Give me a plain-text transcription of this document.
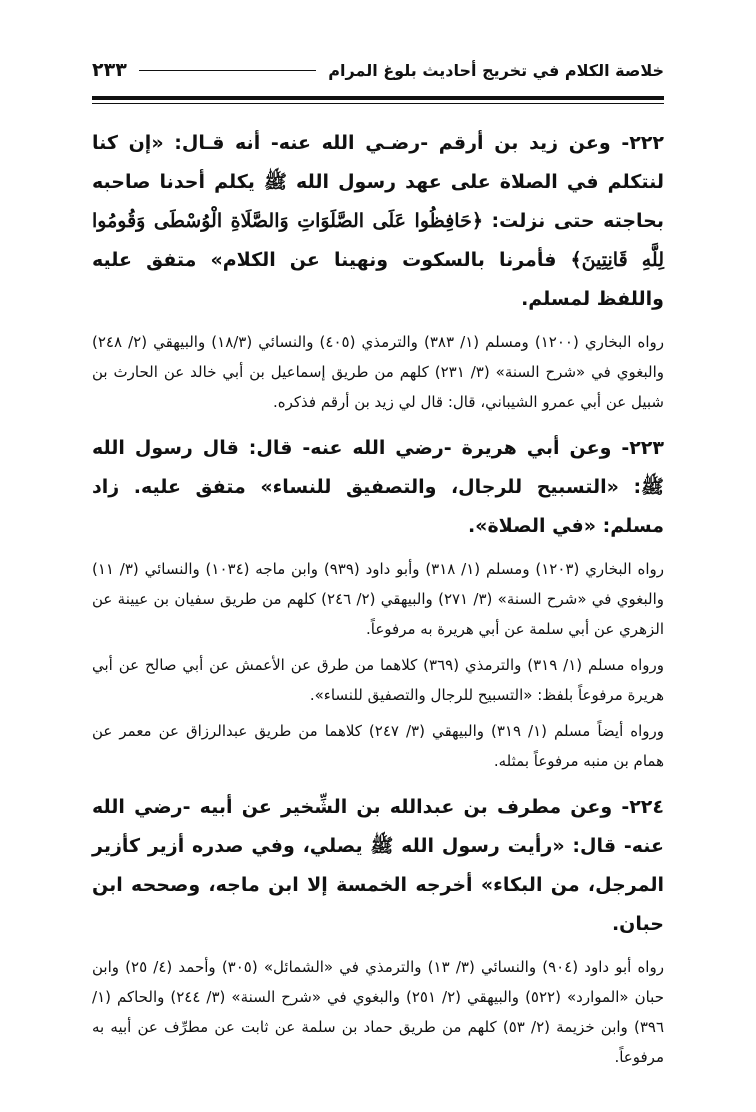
خلاصة الكلام في تخريج أحاديث بلوغ المرام
٢٣٣

٢٢٢- وعن زيد بن أرقم -رضـي الله عنه- أنه قـال: «إن كنا لنتكلم في الصلاة على عهد رسول الله ﷺ يكلم أحدنا صاحبه بحاجته حتى نزلت: ﴿حَافِظُوا عَلَى الصَّلَوَاتِ وَالصَّلَاةِ الْوُسْطَى وَقُومُوا لِلَّهِ قَانِتِينَ﴾ فأمرنا بالسكوت ونهينا عن الكلام» متفق عليه واللفظ لمسلم.

رواه البخاري (١٢٠٠) ومسلم (١/ ٣٨٣) والترمذي (٤٠٥) والنسائي (١٨/٣) والبيهقي (٢/ ٢٤٨) والبغوي في «شرح السنة» (٣/ ٢٣١) كلهم من طريق إسماعيل بن أبي خالد عن الحارث بن شبيل عن أبي عمرو الشيباني، قال: قال لي زيد بن أرقم فذكره.

٢٢٣- وعن أبي هريرة -رضي الله عنه- قال: قال رسول الله ﷺ: «التسبيح للرجال، والتصفيق للنساء» متفق عليه. زاد مسلم: «في الصلاة».

رواه البخاري (١٢٠٣) ومسلم (١/ ٣١٨) وأبو داود (٩٣٩) وابن ماجه (١٠٣٤) والنسائي (٣/ ١١) والبغوي في «شرح السنة» (٣/ ٢٧١) والبيهقي (٢/ ٢٤٦) كلهم من طريق سفيان بن عيينة عن الزهري عن أبي سلمة عن أبي هريرة به مرفوعاً.

ورواه مسلم (١/ ٣١٩) والترمذي (٣٦٩) كلاهما من طرق عن الأعمش عن أبي صالح عن أبي هريرة مرفوعاً بلفظ: «التسبيح للرجال والتصفيق للنساء».

ورواه أيضاً مسلم (١/ ٣١٩) والبيهقي (٣/ ٢٤٧) كلاهما من طريق عبدالرزاق عن معمر عن همام بن منبه مرفوعاً بمثله.

٢٢٤- وعن مطرف بن عبدالله بن الشِّخير عن أبيه -رضي الله عنه- قال: «رأيت رسول الله ﷺ يصلي، وفي صدره أزير كأزير المرجل، من البكاء» أخرجه الخمسة إلا ابن ماجه، وصححه ابن حبان.

رواه أبو داود (٩٠٤) والنسائي (٣/ ١٣) والترمذي في «الشمائل» (٣٠٥) وأحمد (٤/ ٢٥) وابن حبان «الموارد» (٥٢٢) والبيهقي (٢/ ٢٥١) والبغوي في «شرح السنة» (٣/ ٢٤٤) والحاكم (١/ ٣٩٦) وابن خزيمة (٢/ ٥٣) كلهم من طريق حماد بن سلمة عن ثابت عن مطرِّف عن أبيه به مرفوعاً.
